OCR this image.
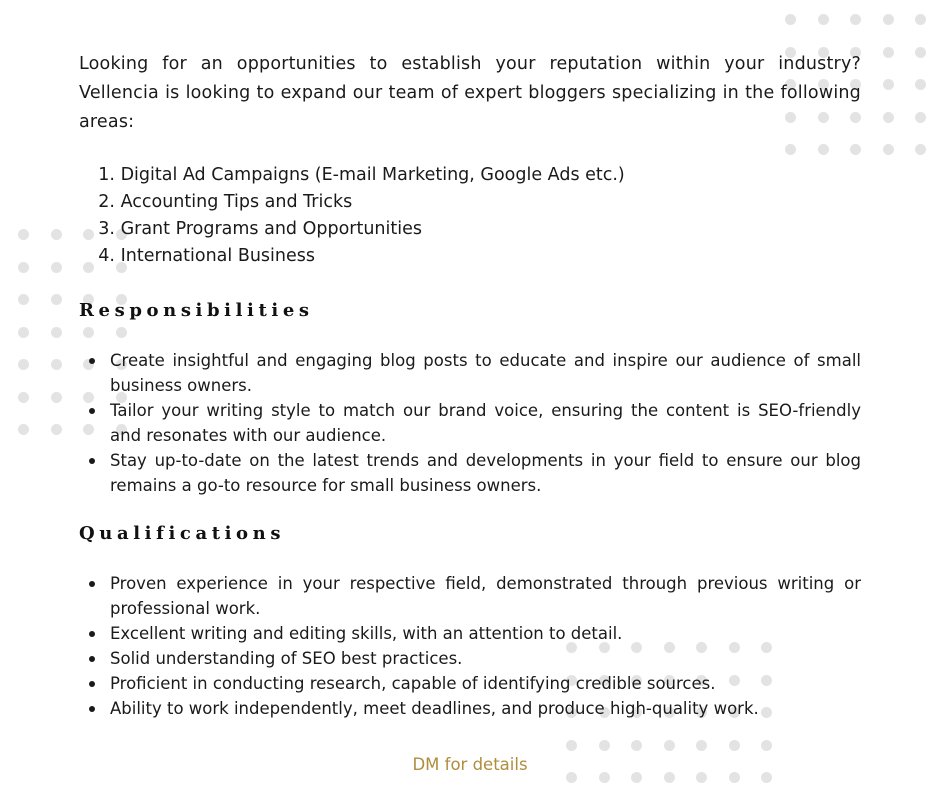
Looking for an opportunities to establish your reputation within your industry? Vellencia is looking to expand our team of expert bloggers specializing in the following areas:

1.
Digital Ad Campaigns (E-mail Marketing, Google Ads etc.)
2.
Accounting Tips and Tricks
3.
Grant Programs and Opportunities
4.
International Business
Responsibilities
Create insightful and engaging blog posts to educate and inspire our audience of small business owners.
Tailor your writing style to match our brand voice, ensuring the content is SEO-friendly and resonates with our audience.
Stay up-to-date on the latest trends and developments in your field to ensure our blog remains a go-to resource for small business owners.
Qualifications
Proven experience in your respective field, demonstrated through previous writing or professional work.
Excellent writing and editing skills, with an attention to detail.
Solid understanding of SEO best practices.
Proficient in conducting research, capable of identifying credible sources.
Ability to work independently, meet deadlines, and produce high-quality work.
DM for details
